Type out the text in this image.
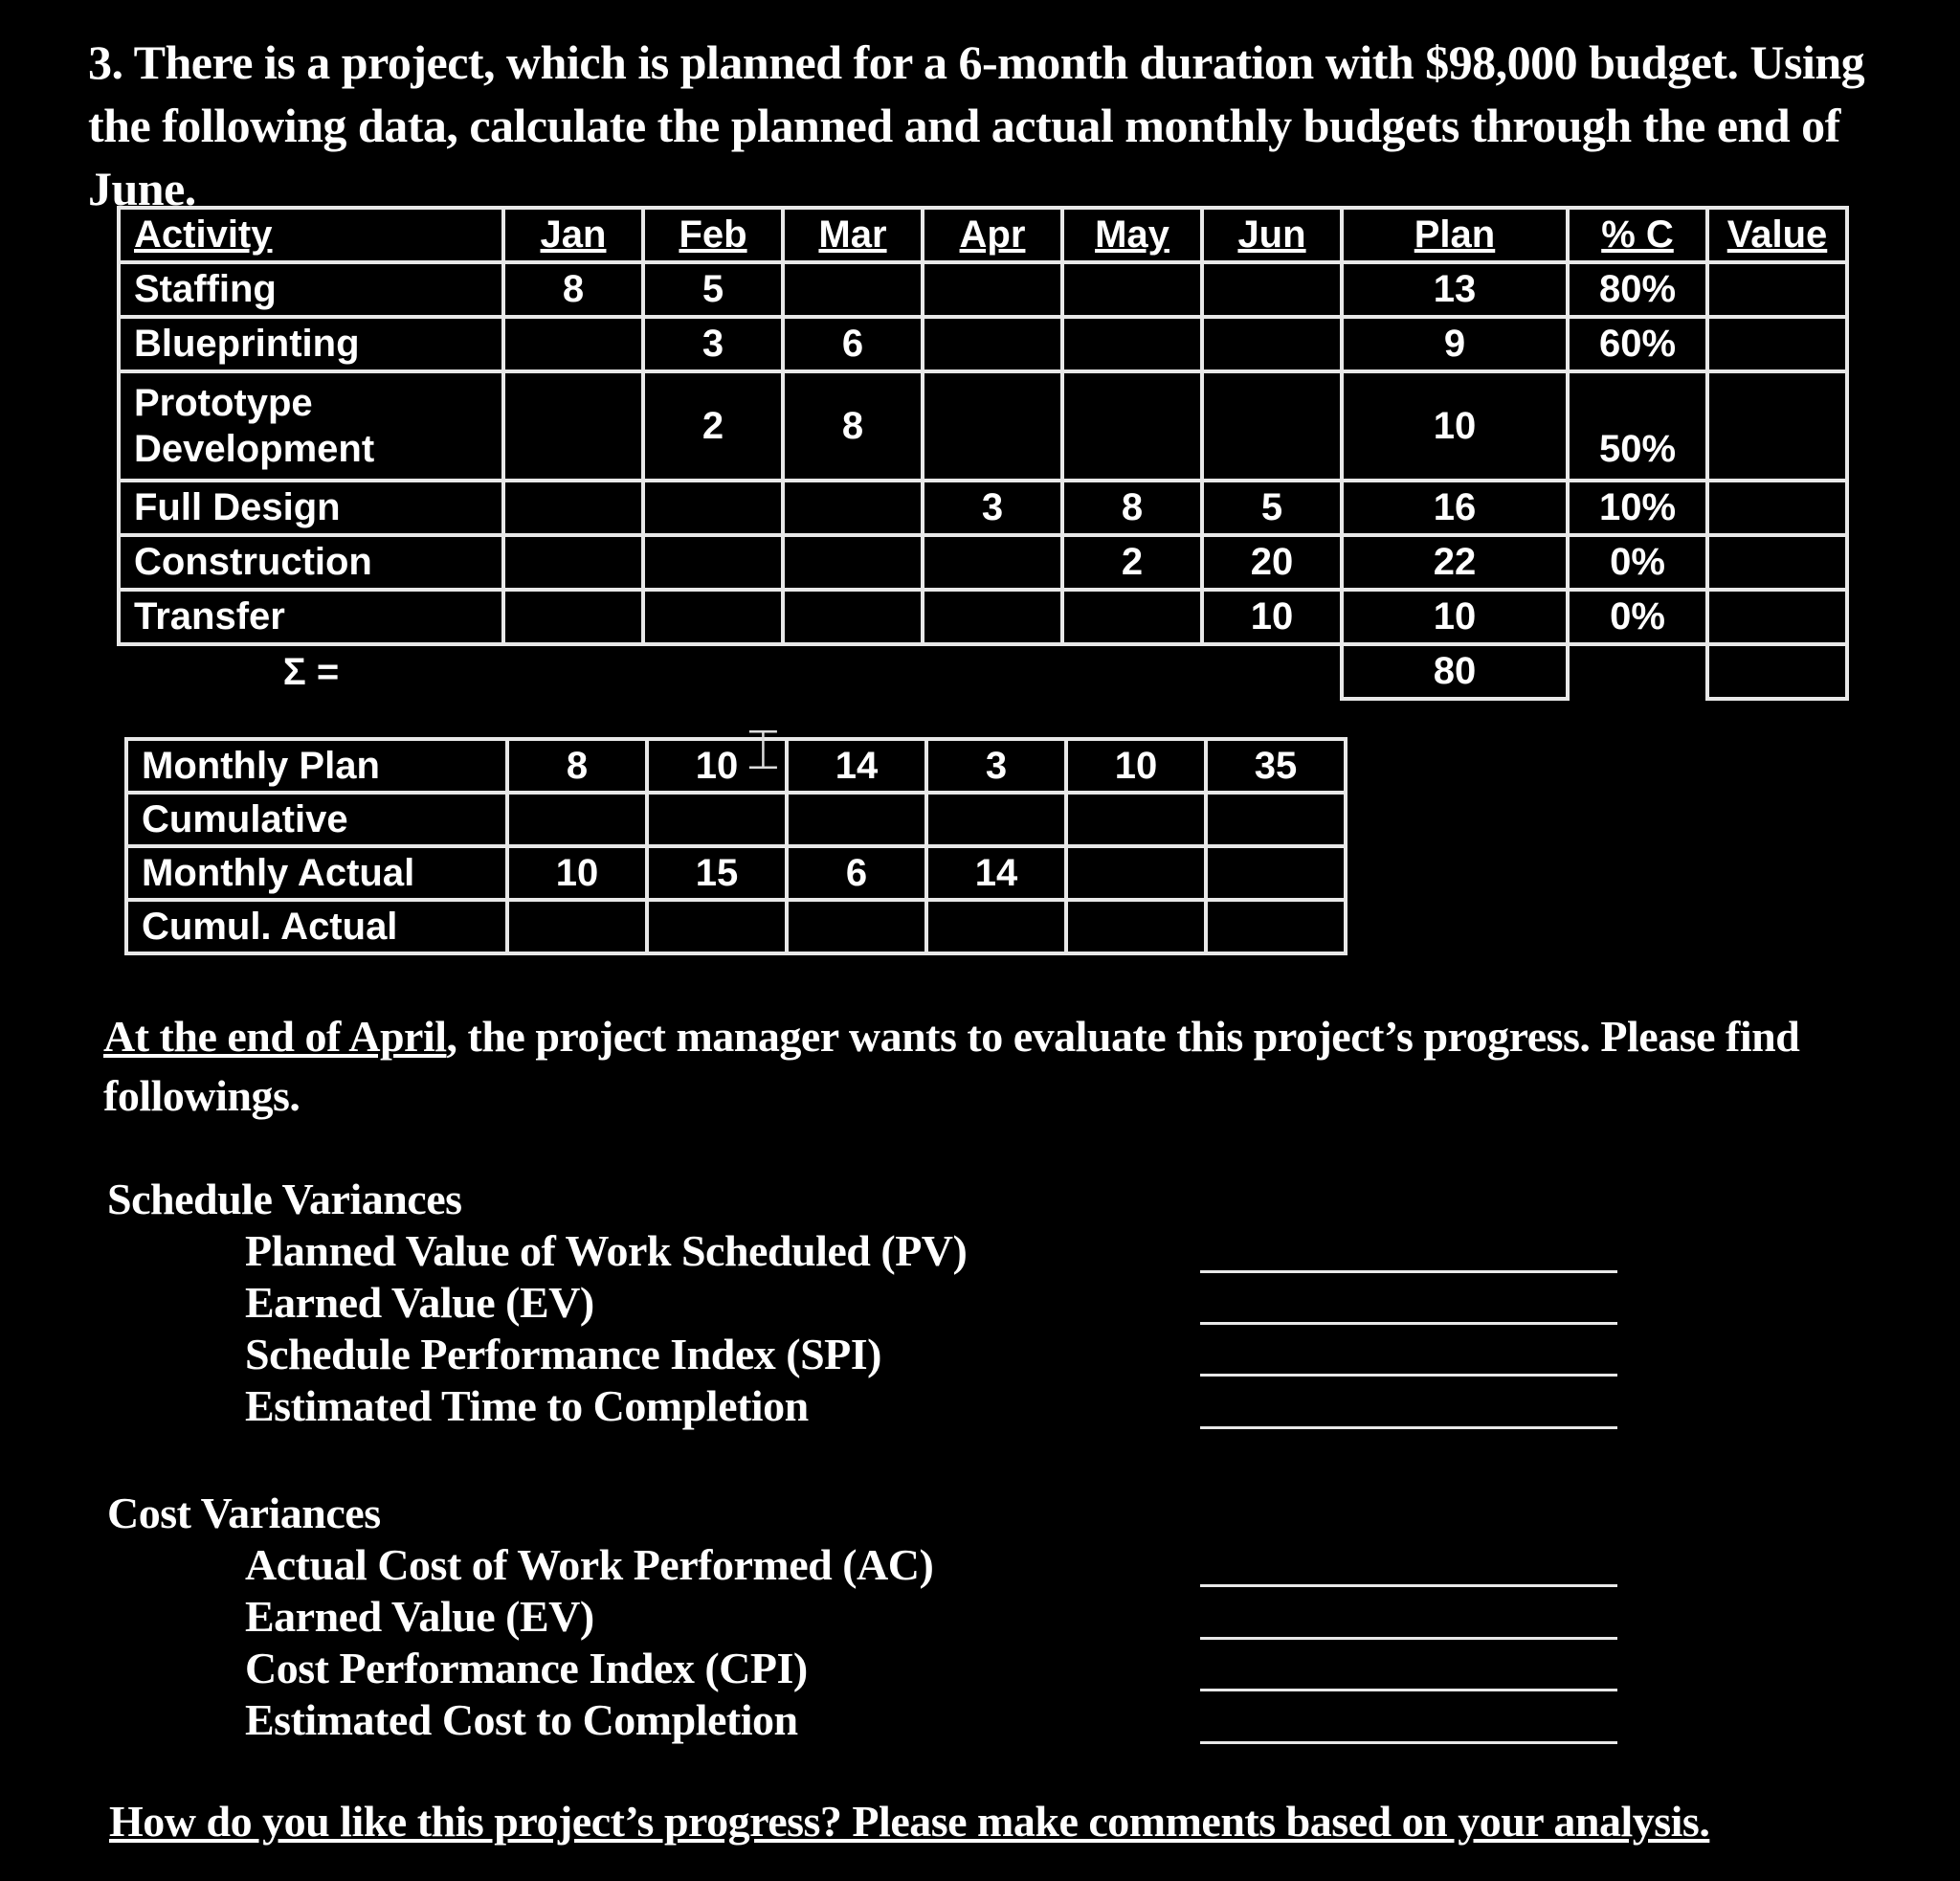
3. There is a project, which is planned for a 6-month duration with $98,000 budget. Using the following data, calculate the planned and actual monthly budgets through the end of June.
Activity	Jan	Feb	Mar	Apr	May	Jun	Plan	% C	Value
Staffing	8	5					13	80%	
Blueprinting		3	6				9	60%	
Prototype Development		2	8				10	50%	
Full Design				3	8	5	16	10%	
Construction					2	20	22	0%	
Transfer						10	10	0%	
Σ =							80		
Monthly Plan	8	10	14	3	10	35
Cumulative						
Monthly Actual	10	15	6	14		
Cumul. Actual						
⌶
At the end of April, the project manager wants to evaluate this project’s progress. Please find followings.
Schedule Variances
Planned Value of Work Scheduled (PV)
Earned Value (EV)
Schedule Performance Index (SPI)
Estimated Time to Completion
Cost Variances
Actual Cost of Work Performed (AC)
Earned Value (EV)
Cost Performance Index (CPI)
Estimated Cost to Completion
How do you like this project’s progress? Please make comments based on your analysis.
